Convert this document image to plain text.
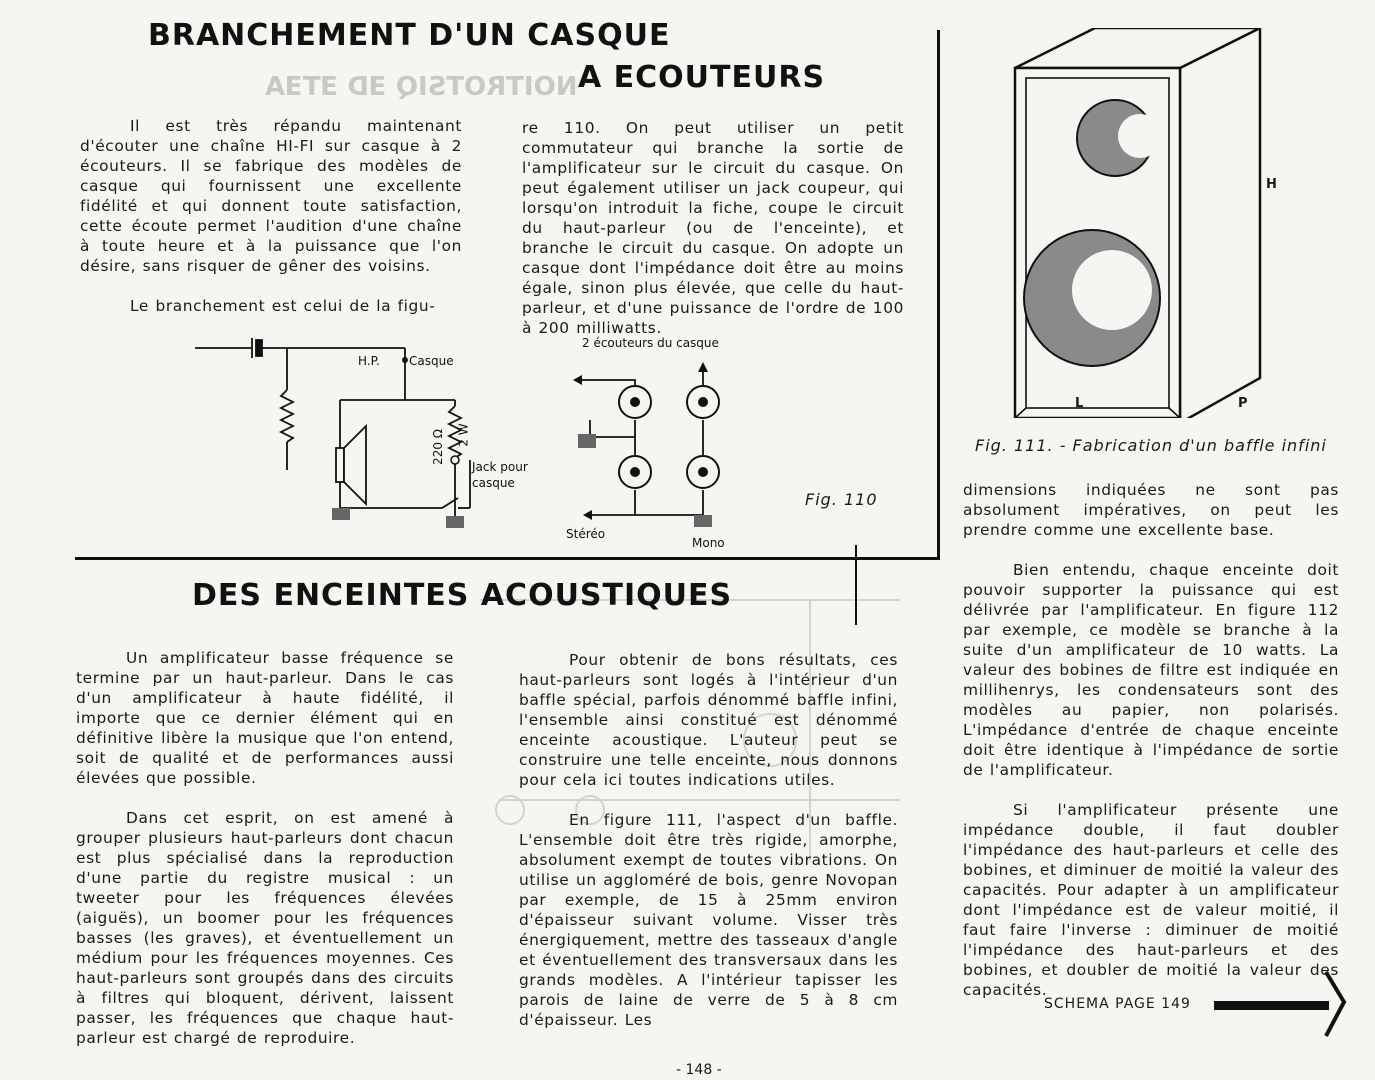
NOITROTSIQ ƎD ƎTƎA
BRANCHEMENT D'UN CASQUE
A ECOUTEURS
DES ENCEINTES ACOUSTIQUES

Il est très répandu maintenant d'écouter une chaîne HI-FI sur casque à 2 écouteurs. Il se fabrique des modèles de casque qui fournissent une excellente fidélité et qui donnent toute satisfaction, cette écoute permet l'audition d'une chaîne à toute heure et à la puissance que l'on désire, sans risquer de gêner des voisins.

Le branchement est celui de la figu-

re 110. On peut utiliser un petit commutateur qui branche la sortie de l'amplificateur sur le circuit du casque. On peut également utiliser un jack coupeur, qui lorsqu'on introduit la fiche, coupe le circuit du haut-parleur (ou de l'enceinte), et branche le circuit du casque. On adopte un casque dont l'impédance doit être au moins égale, sinon plus élevée, que celle du haut-parleur, et d'une puissance de l'ordre de 100 à 200 milliwatts.

H.P. Casque
220 Ω 2 W
Jack pour
casque
2 écouteurs du casque
Stéréo
Mono
Fig. 110
H
L	P
Fig. 111. - Fabrication d'un baffle infini

Un amplificateur basse fréquence se termine par un haut-parleur. Dans le cas d'un amplificateur à haute fidélité, il importe que ce dernier élément qui en définitive libère la musique que l'on entend, soit de qualité et de performances aussi élevées que possible.

Dans cet esprit, on est amené à grouper plusieurs haut-parleurs dont chacun est plus spécialisé dans la reproduction d'une partie du registre musical : un tweeter pour les fréquences élevées (aiguës), un boomer pour les fréquences basses (les graves), et éventuellement un médium pour les fréquences moyennes. Ces haut-parleurs sont groupés dans des circuits à filtres qui bloquent, dérivent, laissent passer, les fréquences que chaque haut-parleur est chargé de reproduire.

Pour obtenir de bons résultats, ces haut-parleurs sont logés à l'intérieur d'un baffle spécial, parfois dénommé baffle infini, l'ensemble ainsi constitué est dénommé enceinte acoustique. L'auteur peut se construire une telle enceinte, nous donnons pour cela ici toutes indications utiles.

En figure 111, l'aspect d'un baffle. L'ensemble doit être très rigide, amorphe, absolument exempt de toutes vibrations. On utilise un aggloméré de bois, genre Novopan par exemple, de 15 à 25mm environ d'épaisseur suivant volume. Visser très énergiquement, mettre des tasseaux d'angle et éventuellement des transversaux dans les grands modèles. A l'intérieur tapisser les parois de laine de verre de 5 à 8 cm d'épaisseur. Les

dimensions indiquées ne sont pas absolument impératives, on peut les prendre comme une excellente base.

Bien entendu, chaque enceinte doit pouvoir supporter la puissance qui est délivrée par l'amplificateur. En figure 112 par exemple, ce modèle se branche à la suite d'un amplificateur de 10 watts. La valeur des bobines de filtre est indiquée en millihenrys, les condensateurs sont des modèles au papier, non polarisés. L'impédance d'entrée de chaque enceinte doit être identique à l'impédance de sortie de l'amplificateur.

Si l'amplificateur présente une impédance double, il faut doubler l'impédance des haut-parleurs et celle des bobines, et diminuer de moitié la valeur des capacités. Pour adapter à un amplificateur dont l'impédance est de valeur moitié, il faut faire l'inverse : diminuer de moitié l'impédance des haut-parleurs et des bobines, et doubler de moitié la valeur des capacités.

SCHEMA PAGE 149
- 148 -
